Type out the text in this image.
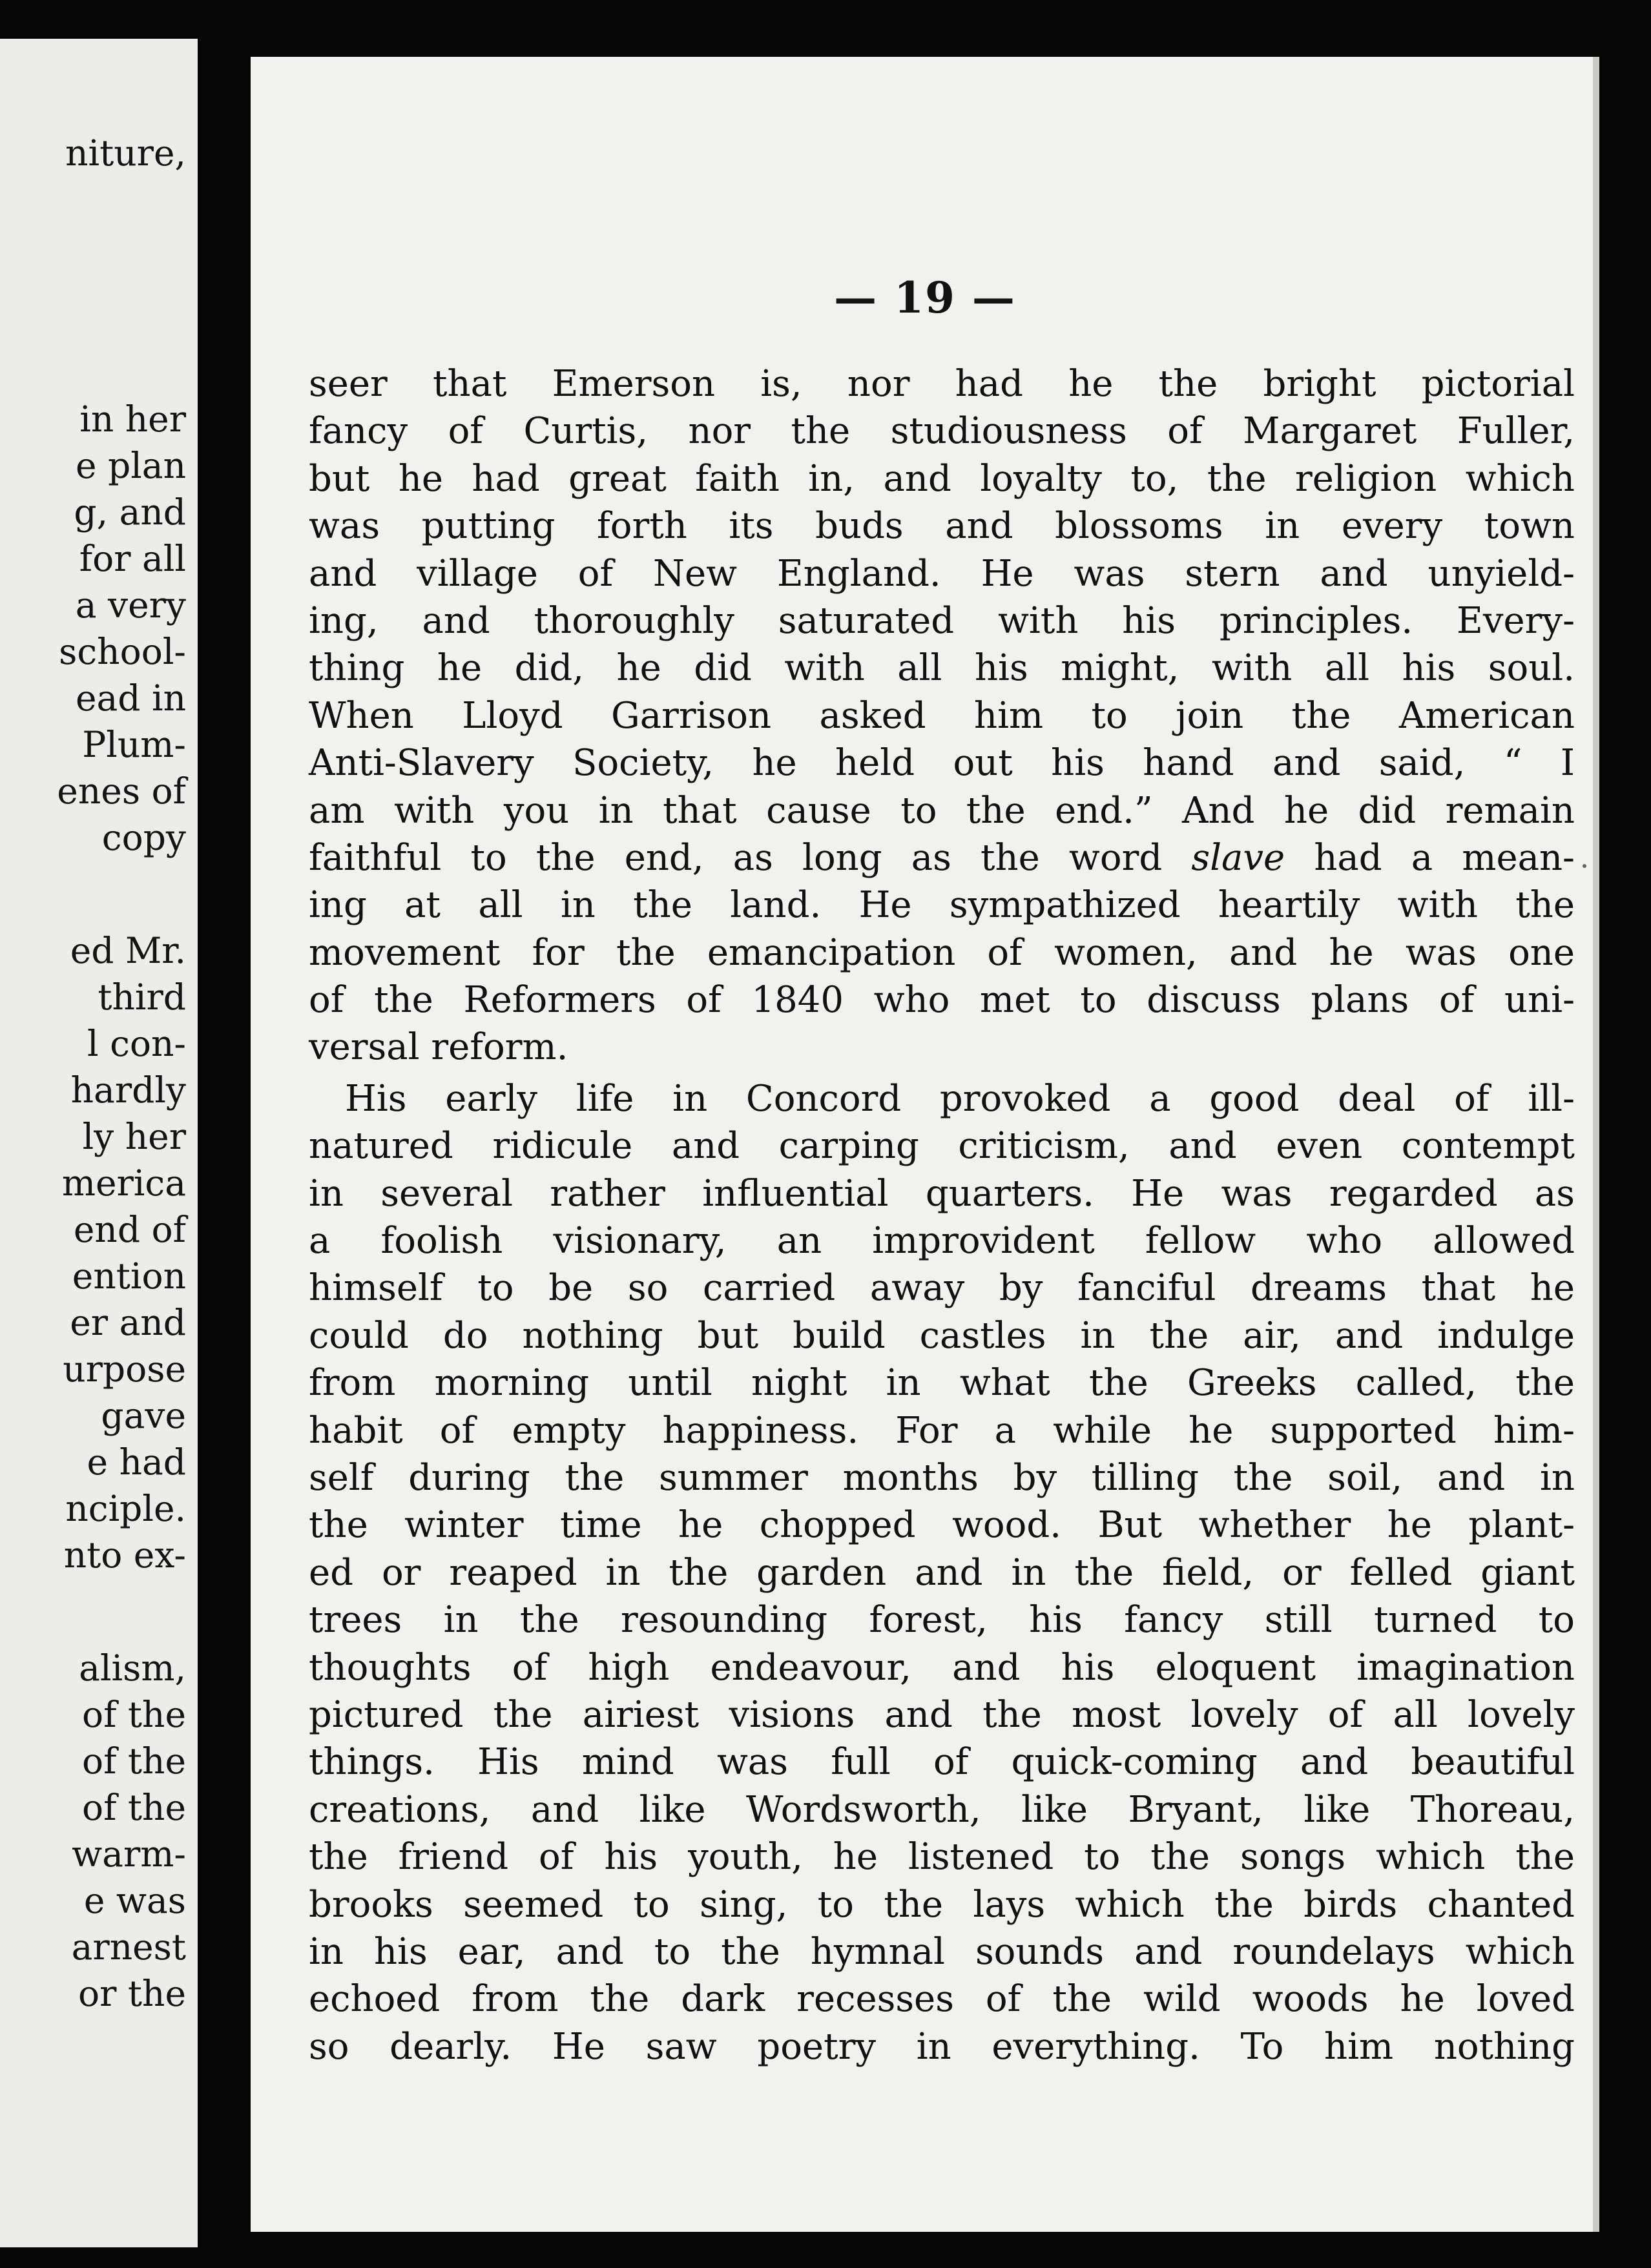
niture,
in her
e plan
g, and
for all
a very
school-
ead in
Plum-
enes of
copy
ed Mr.
third
l con-
hardly
ly her
merica
end of
ention
er and
urpose
gave
e had
nciple.
nto ex-
alism,
of the
of the
of the
warm-
e was
arnest
or the
— 19 —
seer that Emerson is, nor had he the bright pictorial
fancy of Curtis, nor the studiousness of Margaret Fuller,
but he had great faith in, and loyalty to, the religion which
was putting forth its buds and blossoms in every town
and village of New England. He was stern and unyield-
ing, and thoroughly saturated with his principles. Every-
thing he did, he did with all his might, with all his soul.
When Lloyd Garrison asked him to join the American
Anti-Slavery Society, he held out his hand and said, “ I
am with you in that cause to the end.” And he did remain
faithful to the end, as long as the word slave had a mean-
ing at all in the land. He sympathized heartily with the
movement for the emancipation of women, and he was one
of the Reformers of 1840 who met to discuss plans of uni-
versal reform.
His early life in Concord provoked a good deal of ill-
natured ridicule and carping criticism, and even contempt
in several rather influential quarters. He was regarded as
a foolish visionary, an improvident fellow who allowed
himself to be so carried away by fanciful dreams that he
could do nothing but build castles in the air, and indulge
from morning until night in what the Greeks called, the
habit of empty happiness. For a while he supported him-
self during the summer months by tilling the soil, and in
the winter time he chopped wood. But whether he plant-
ed or reaped in the garden and in the field, or felled giant
trees in the resounding forest, his fancy still turned to
thoughts of high endeavour, and his eloquent imagination
pictured the airiest visions and the most lovely of all lovely
things. His mind was full of quick-coming and beautiful
creations, and like Wordsworth, like Bryant, like Thoreau,
the friend of his youth, he listened to the songs which the
brooks seemed to sing, to the lays which the birds chanted
in his ear, and to the hymnal sounds and roundelays which
echoed from the dark recesses of the wild woods he loved
so dearly. He saw poetry in everything. To him nothing
